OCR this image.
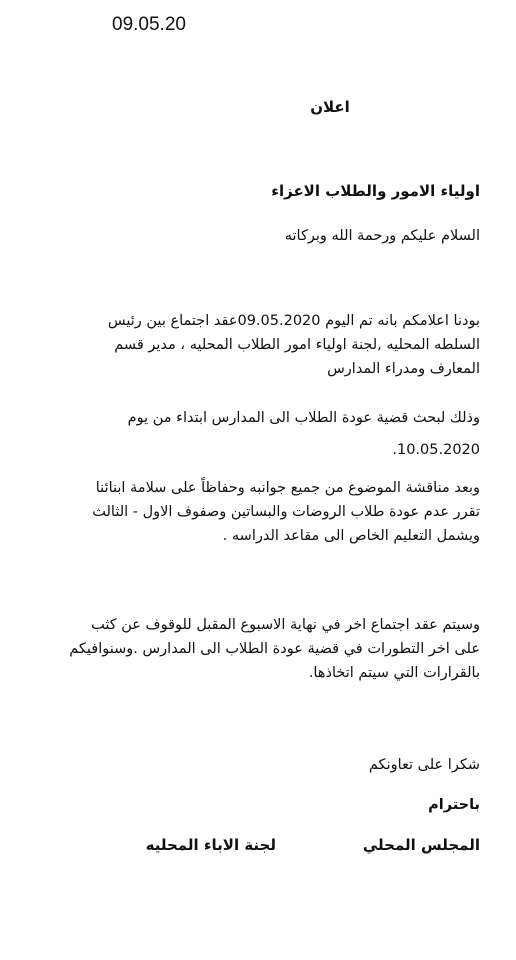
09.05.20
اعلان
اولياء الامور والطلاب الاعزاء
السلام عليكم ورحمة الله وبركاته
بودنا اعلامكم بانه تم اليوم 09.05.2020عقد اجتماع بين رئيس
السلطه المحليه ,لجنة اولياء امور الطلاب المحليه ، مدير قسم
المعارف ومدراء المدارس
وذلك لبحث قضية عودة الطلاب الى المدارس ابتداء من يوم
10.05.2020.
وبعد مناقشة الموضوع من جميع جوانبه وحفاظاً على سلامة ابنائنا
تقرر عدم عودة طلاب الروضات والبساتين وصفوف الاول - الثالث
ويشمل التعليم الخاص الى مقاعد الدراسه .
وسيتم عقد اجتماع اخر في نهاية الاسبوع المقبل للوقوف عن كثب
على اخر التطورات في قضية عودة الطلاب الى المدارس .وسنوافيكم
بالقرارات التي سيتم اتخاذها.
شكرا على تعاونكم
باحترام
المجلس المحلي
لجنة الاباء المحليه
